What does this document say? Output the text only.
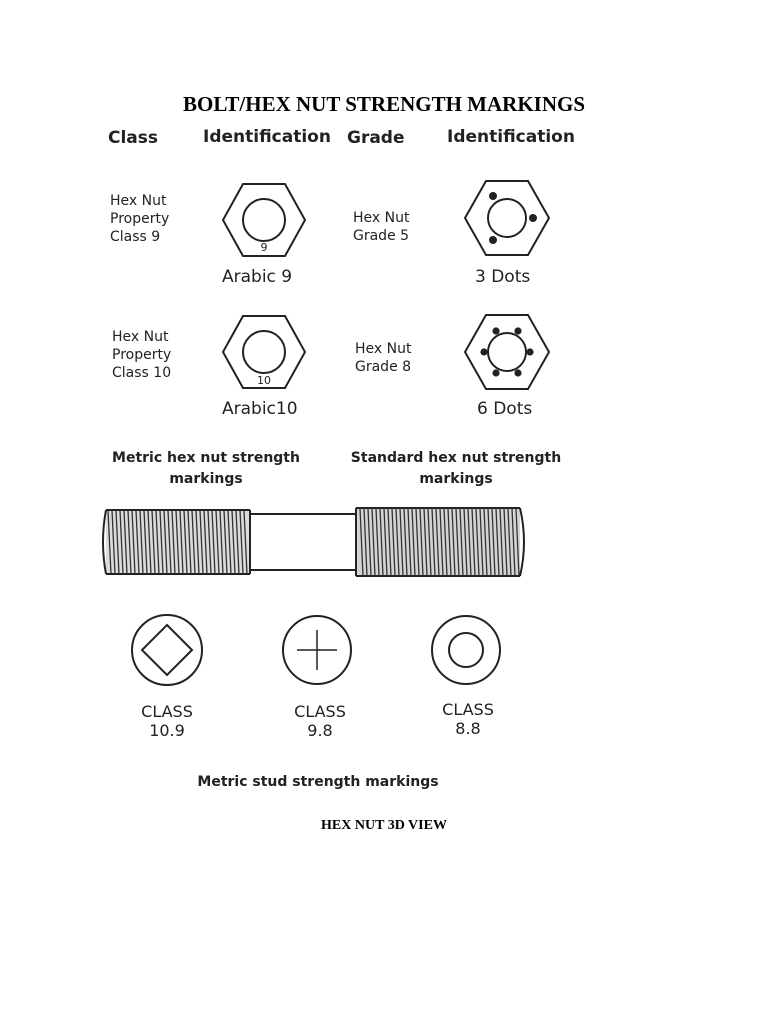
BOLT/HEX NUT STRENGTH MARKINGS
Class	Identification Grade Identification
Hex Nut
Property
Class 9
9
Arabic 9
Hex Nut
Property
Class 10	10
Arabic10
Hex Nut
Grade 5
3 Dots
Hex Nut
Grade 8
6 Dots
Metric hex nut strength
markings
Standard hex nut strength
markings
CLASS
10.9
CLASS
9.8
CLASS
8.8
Metric stud strength markings
HEX NUT 3D VIEW
